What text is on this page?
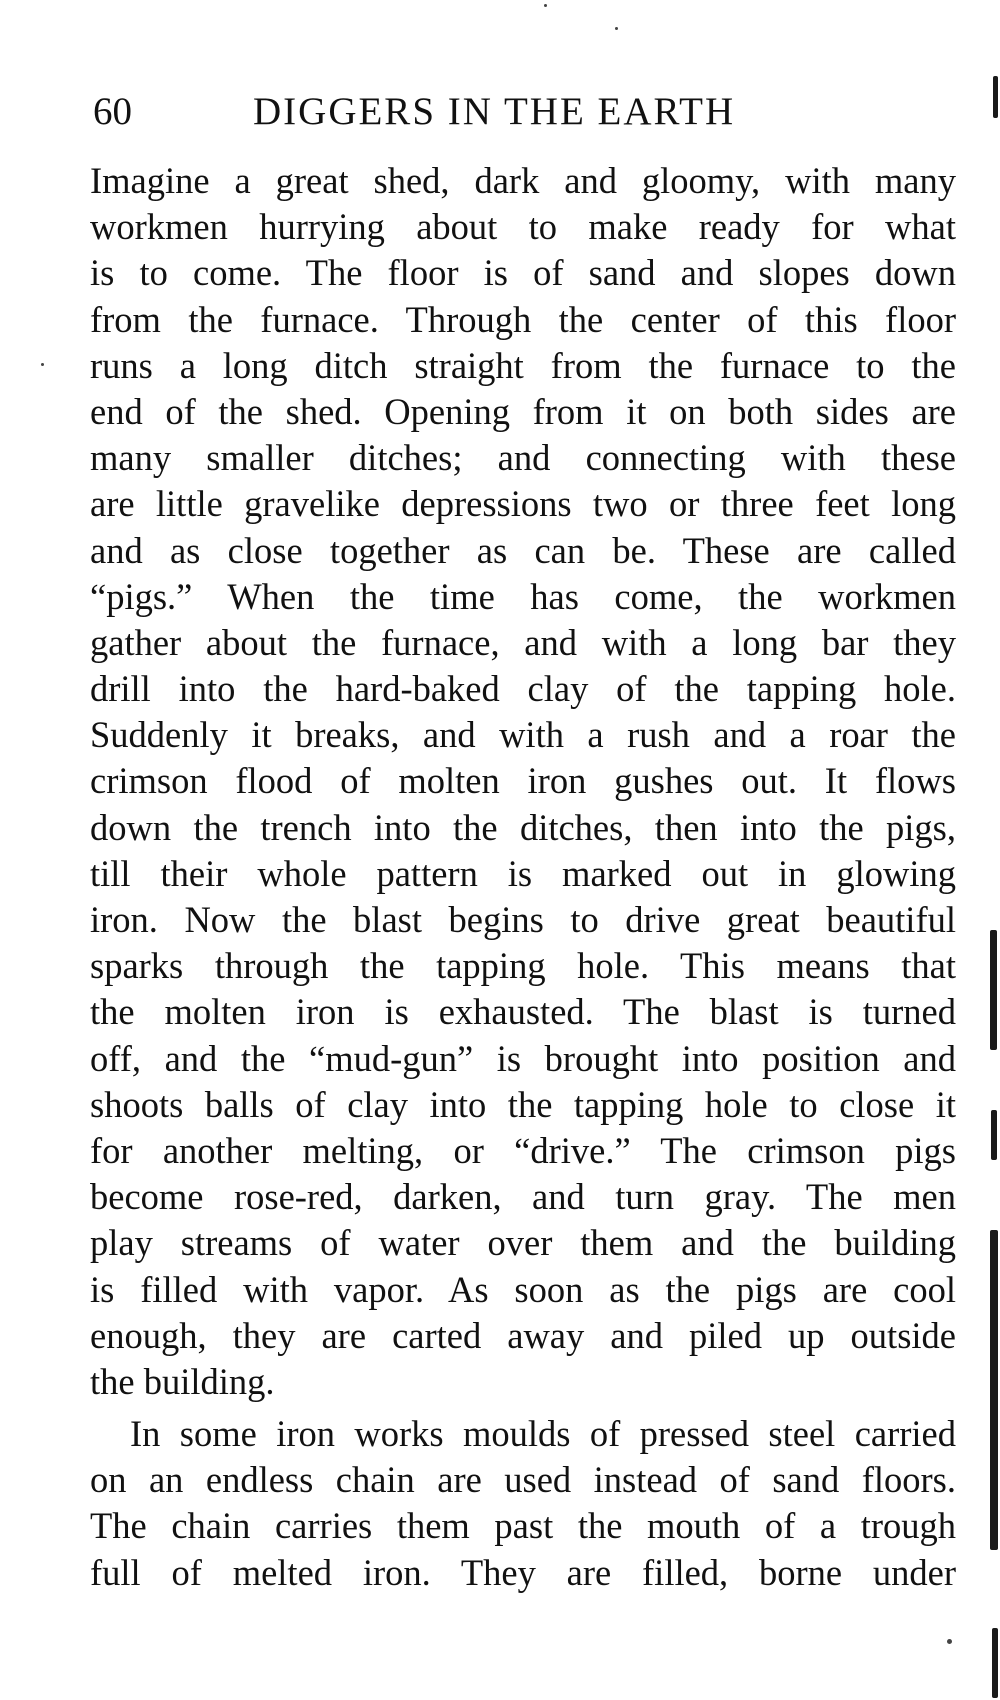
60	DIGGERS IN THE EARTH
Imagine a great shed, dark and gloomy, with many
workmen hurrying about to make ready for what
is to come. The floor is of sand and slopes down
from the furnace. Through the center of this floor
runs a long ditch straight from the furnace to the
end of the shed. Opening from it on both sides are
many smaller ditches; and connecting with these
are little gravelike depressions two or three feet long
and as close together as can be. These are called
“pigs.” When the time has come, the workmen
gather about the furnace, and with a long bar they
drill into the hard-baked clay of the tapping hole.
Suddenly it breaks, and with a rush and a roar the
crimson flood of molten iron gushes out. It flows
down the trench into the ditches, then into the pigs,
till their whole pattern is marked out in glowing
iron. Now the blast begins to drive great beautiful
sparks through the tapping hole. This means that
the molten iron is exhausted. The blast is turned
off, and the “mud-gun” is brought into position and
shoots balls of clay into the tapping hole to close it
for another melting, or “drive.” The crimson pigs
become rose-red, darken, and turn gray. The men
play streams of water over them and the building
is filled with vapor. As soon as the pigs are cool
enough, they are carted away and piled up outside
the building.
In some iron works moulds of pressed steel carried
on an endless chain are used instead of sand floors.
The chain carries them past the mouth of a trough
full of melted iron. They are filled, borne under
